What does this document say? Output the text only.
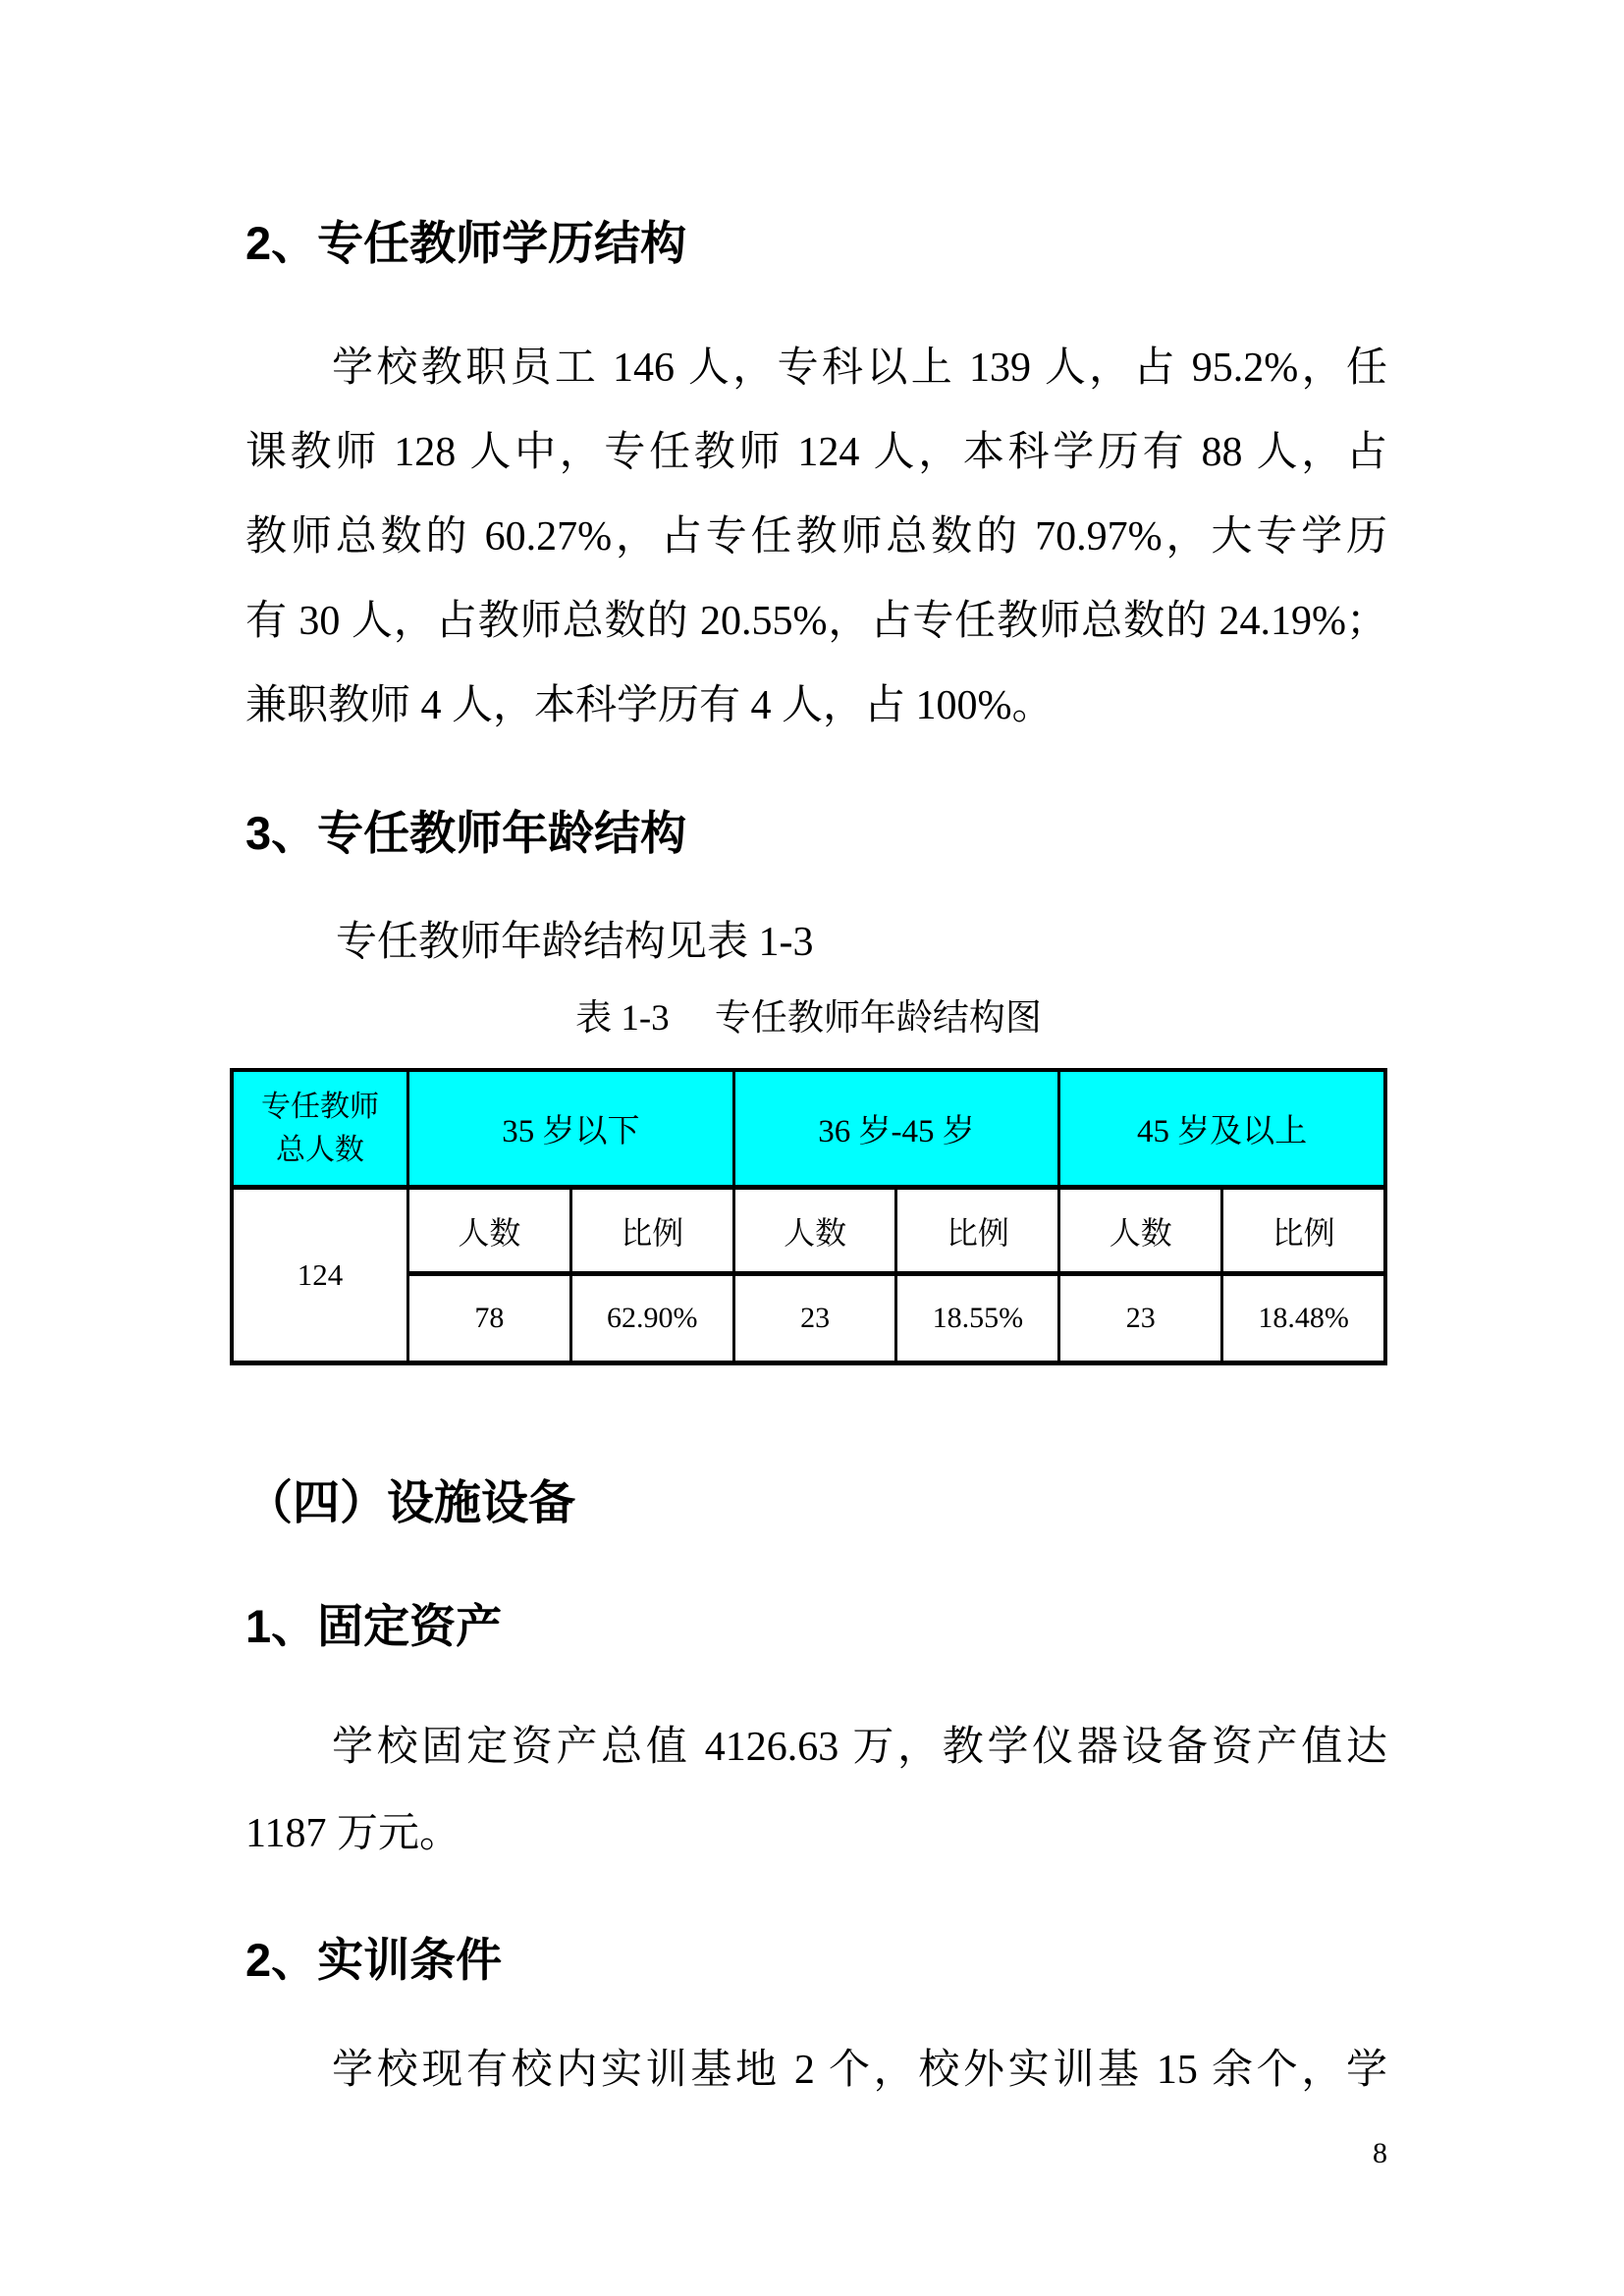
2、专任教师学历结构
学校教职员工 146 人，专科以上 139 人，占 95.2%，任
课教师 128 人中，专任教师 124 人，本科学历有 88 人，占
教师总数的 60.27%，占专任教师总数的 70.97%，大专学历
有 30 人，占教师总数的 20.55%，占专任教师总数的 24.19%；
兼职教师 4 人，本科学历有 4 人，占 100%。
3、专任教师年龄结构
专任教师年龄结构见表 1-3
表 1-3　 专任教师年龄结构图
专任教师
总人数	35 岁以下	36 岁-45 岁	45 岁及以上
124
人数	比例	人数	比例	人数	比例
78	62.90%	23	18.55%	23	18.48%
（四）设施设备
1、固定资产
学校固定资产总值 4126.63 万，教学仪器设备资产值达
1187 万元。
2、实训条件
学校现有校内实训基地 2 个，校外实训基 15 余个，学
8
